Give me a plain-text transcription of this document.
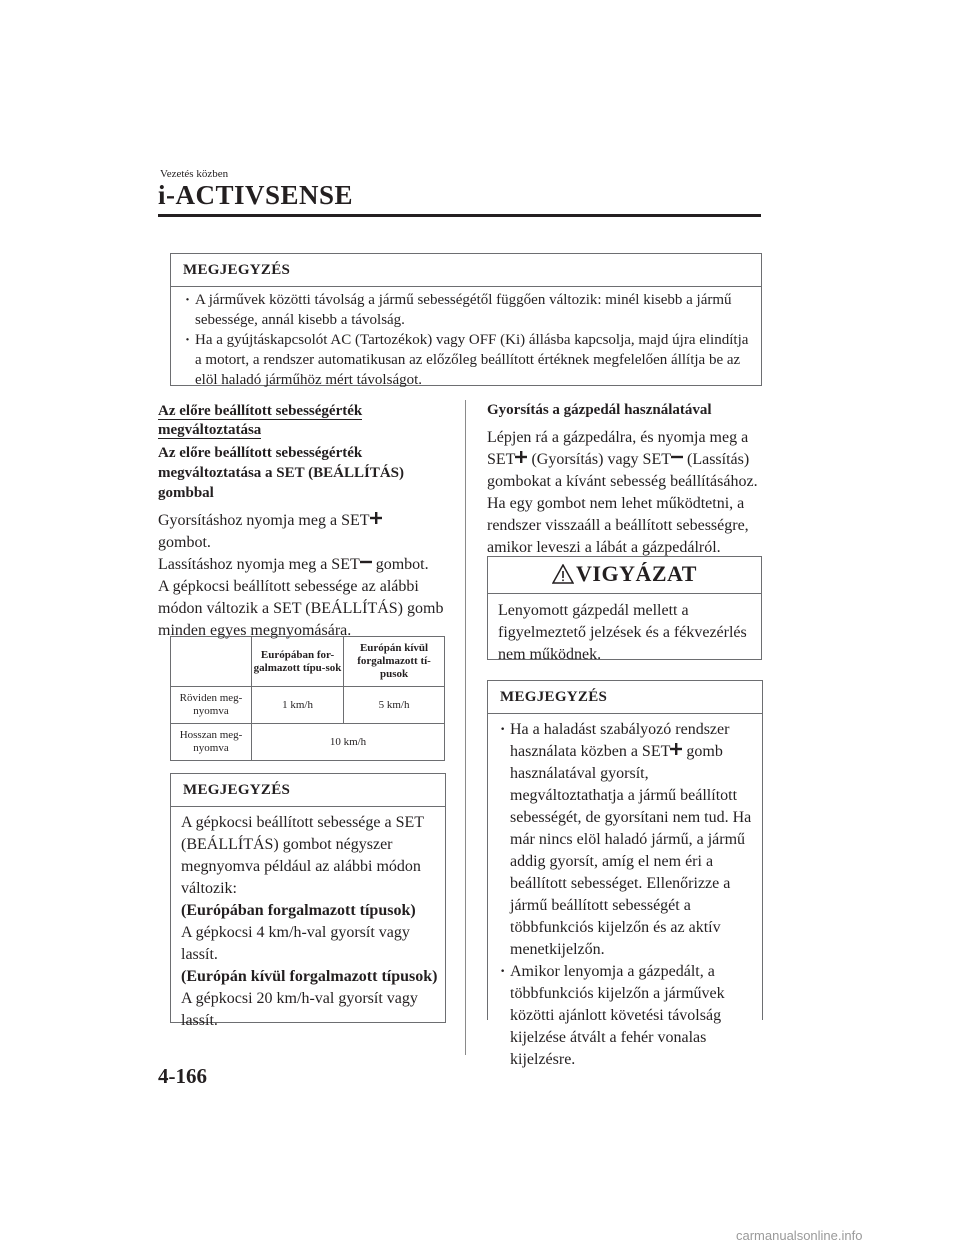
Vezetés közben
i-ACTIVSENSE
MEGJEGYZÉS
· A járművek közötti távolság a jármű sebességétől függően változik: minél kisebb a jármű sebessége, annál kisebb a távolság.
· Ha a gyújtáskapcsolót AC (Tartozékok) vagy OFF (Ki) állásba kapcsolja, majd újra elindítja a motort, a rendszer automatikusan az előzőleg beállított értéknek megfelelően állítja be az elöl haladó járműhöz mért távolságot.
Az előre beállított sebességérték
megváltoztatása
Az előre beállított sebességérték megváltoztatása a SET (BEÁLLÍTÁS) gombbal
Gyorsításhoz nyomja meg a SET
gombot.
Lassításhoz nyomja meg a SET gombot.
A gépkocsi beállított sebessége az alábbi módon változik a SET (BEÁLLÍTÁS) gomb minden egyes megnyomására.
	Európában for-galmazott típu-sok	Európán kívül forgalmazott tí-pusok
Röviden meg-nyomva	1 km/h	5 km/h
Hosszan meg-nyomva	10 km/h	
MEGJEGYZÉS
A gépkocsi beállított sebessége a SET (BEÁLLÍTÁS) gombot négyszer megnyomva például az alábbi módon változik:
(Európában forgalmazott típusok)
A gépkocsi 4 km/h-val gyorsít vagy lassít.
(Európán kívül forgalmazott típusok)
A gépkocsi 20 km/h-val gyorsít vagy lassít.
Gyorsítás a gázpedál használatával
Lépjen rá a gázpedálra, és nyomja meg a SET (Gyorsítás) vagy SET (Lassítás) gombokat a kívánt sebesség beállításához. Ha egy gombot nem lehet működtetni, a rendszer visszaáll a beállított sebességre, amikor leveszi a lábát a gázpedálról.
VIGYÁZAT
Lenyomott gázpedál mellett a figyelmeztető jelzések és a fékvezérlés nem működnek.
MEGJEGYZÉS
· Ha a haladást szabályozó rendszer használata közben a SET gomb használatával gyorsít, megváltoztathatja a jármű beállított sebességét, de gyorsítani nem tud. Ha már nincs elöl haladó jármű, a jármű addig gyorsít, amíg el nem éri a beállított sebességet. Ellenőrizze a jármű beállított sebességét a többfunkciós kijelzőn és az aktív menetkijelzőn.
· Amikor lenyomja a gázpedált, a többfunkciós kijelzőn a járművek közötti ajánlott követési távolság kijelzése átvált a fehér vonalas kijelzésre.
4-166
carmanualsonline.info
